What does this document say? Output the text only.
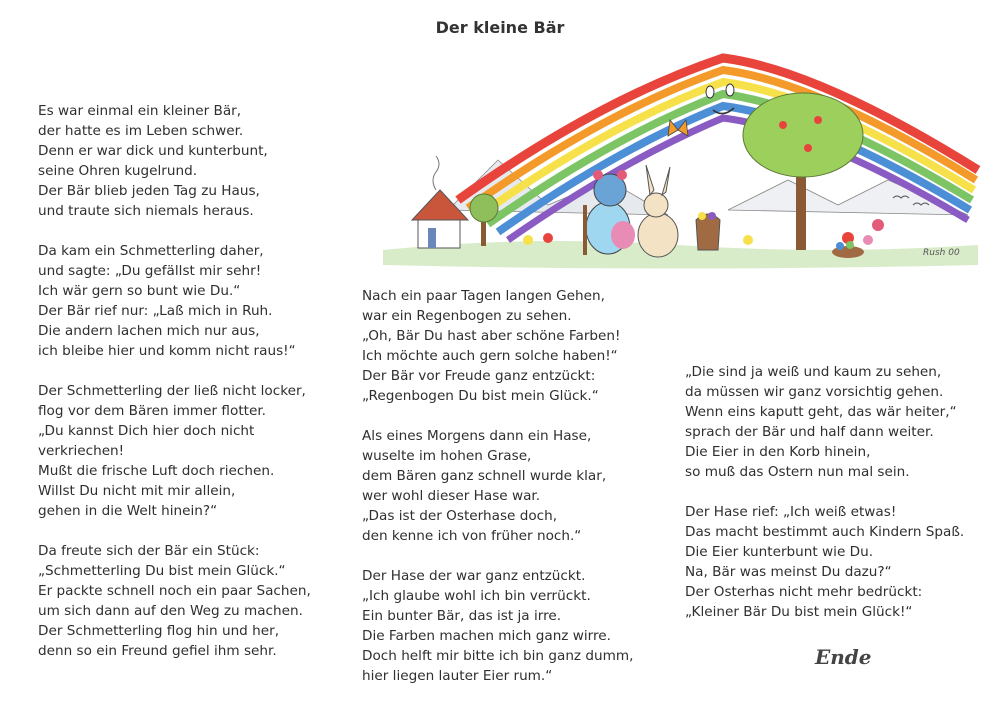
Der kleine Bär
Rush 00
Es war einmal ein kleiner Bär,
der hatte es im Leben schwer.
Denn er war dick und kunterbunt,
seine Ohren kugelrund.
Der Bär blieb jeden Tag zu Haus,
und traute sich niemals heraus.
Da kam ein Schmetterling daher,
und sagte: „Du gefällst mir sehr!
Ich wär gern so bunt wie Du.“
Der Bär rief nur: „Laß mich in Ruh.
Die andern lachen mich nur aus,
ich bleibe hier und komm nicht raus!“
Der Schmetterling der ließ nicht locker,
flog vor dem Bären immer flotter.
„Du kannst Dich hier doch nicht
verkriechen!
Mußt die frische Luft doch riechen.
Willst Du nicht mit mir allein,
gehen in die Welt hinein?“
Da freute sich der Bär ein Stück:
„Schmetterling Du bist mein Glück.“
Er packte schnell noch ein paar Sachen,
um sich dann auf den Weg zu machen.
Der Schmetterling flog hin und her,
denn so ein Freund gefiel ihm sehr.
Nach ein paar Tagen langen Gehen,
war ein Regenbogen zu sehen.
„Oh, Bär Du hast aber schöne Farben!
Ich möchte auch gern solche haben!“
Der Bär vor Freude ganz entzückt:
„Regenbogen Du bist mein Glück.“
Als eines Morgens dann ein Hase,
wuselte im hohen Grase,
dem Bären ganz schnell wurde klar,
wer wohl dieser Hase war.
„Das ist der Osterhase doch,
den kenne ich von früher noch.“
Der Hase der war ganz entzückt.
„Ich glaube wohl ich bin verrückt.
Ein bunter Bär, das ist ja irre.
Die Farben machen mich ganz wirre.
Doch helft mir bitte ich bin ganz dumm,
hier liegen lauter Eier rum.“
„Die sind ja weiß und kaum zu sehen,
da müssen wir ganz vorsichtig gehen.
Wenn eins kaputt geht, das wär heiter,“
sprach der Bär und half dann weiter.
Die Eier in den Korb hinein,
so muß das Ostern nun mal sein.
Der Hase rief: „Ich weiß etwas!
Das macht bestimmt auch Kindern Spaß.
Die Eier kunterbunt wie Du.
Na, Bär was meinst Du dazu?“
Der Osterhas nicht mehr bedrückt:
„Kleiner Bär Du bist mein Glück!“
Ende
